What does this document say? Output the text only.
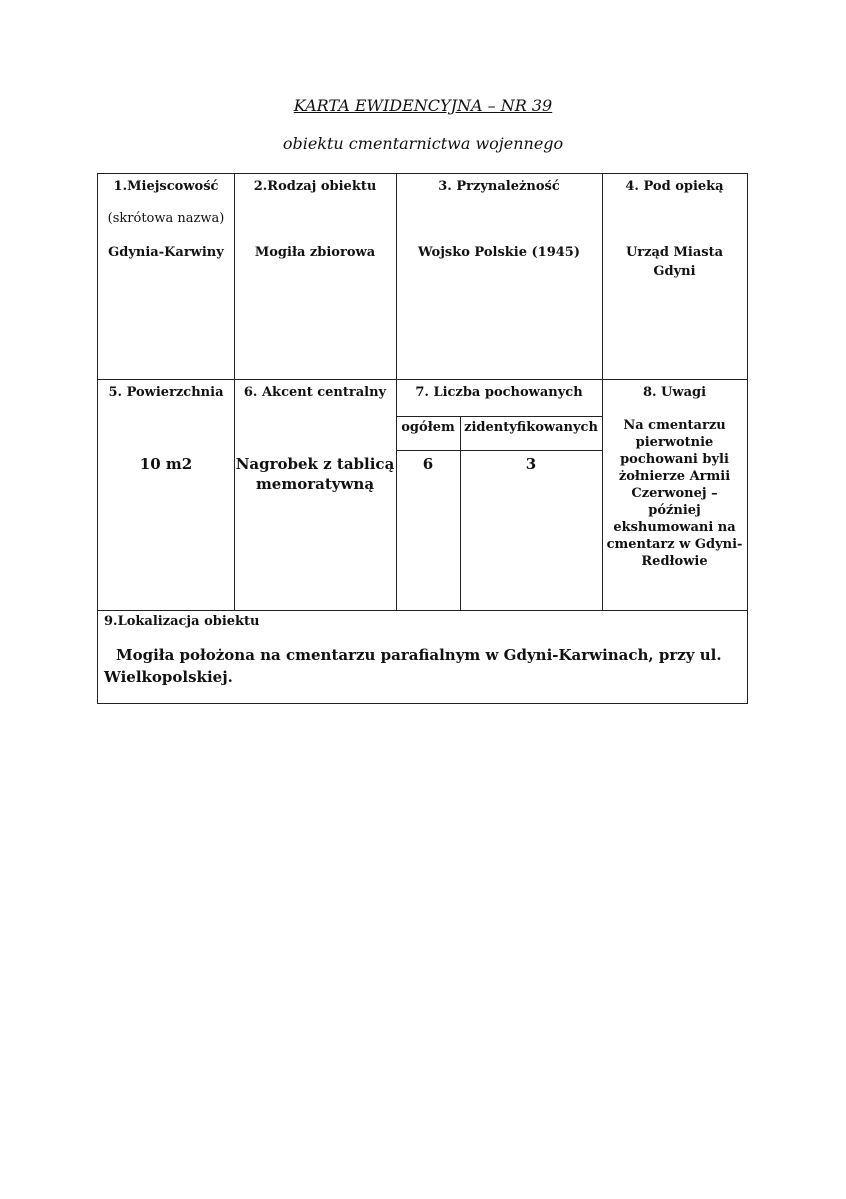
KARTA EWIDENCYJNA – NR 39
obiektu cmentarnictwa wojennego
1.Miejscowość
(skrótowa nazwa)
Gdynia-Karwiny
2.Rodzaj obiektu
Mogiła zbiorowa
3. Przynależność
Wojsko Polskie (1945)
4. Pod opieką
Urząd Miasta
Gdyni
5. Powierzchnia
10 m2
6. Akcent centralny
Nagrobek z tablicą
memoratywną
7. Liczba pochowanych
ogółem zidentyfikowanych
6	3
8. Uwagi
Na cmentarzu
pierwotnie
pochowani byli
żołnierze Armii
Czerwonej –
później
ekshumowani na
cmentarz w Gdyni-
Redłowie
9.Lokalizacja obiektu
Mogiła położona na cmentarzu parafialnym w Gdyni-Karwinach, przy ul. Wielkopolskiej.
